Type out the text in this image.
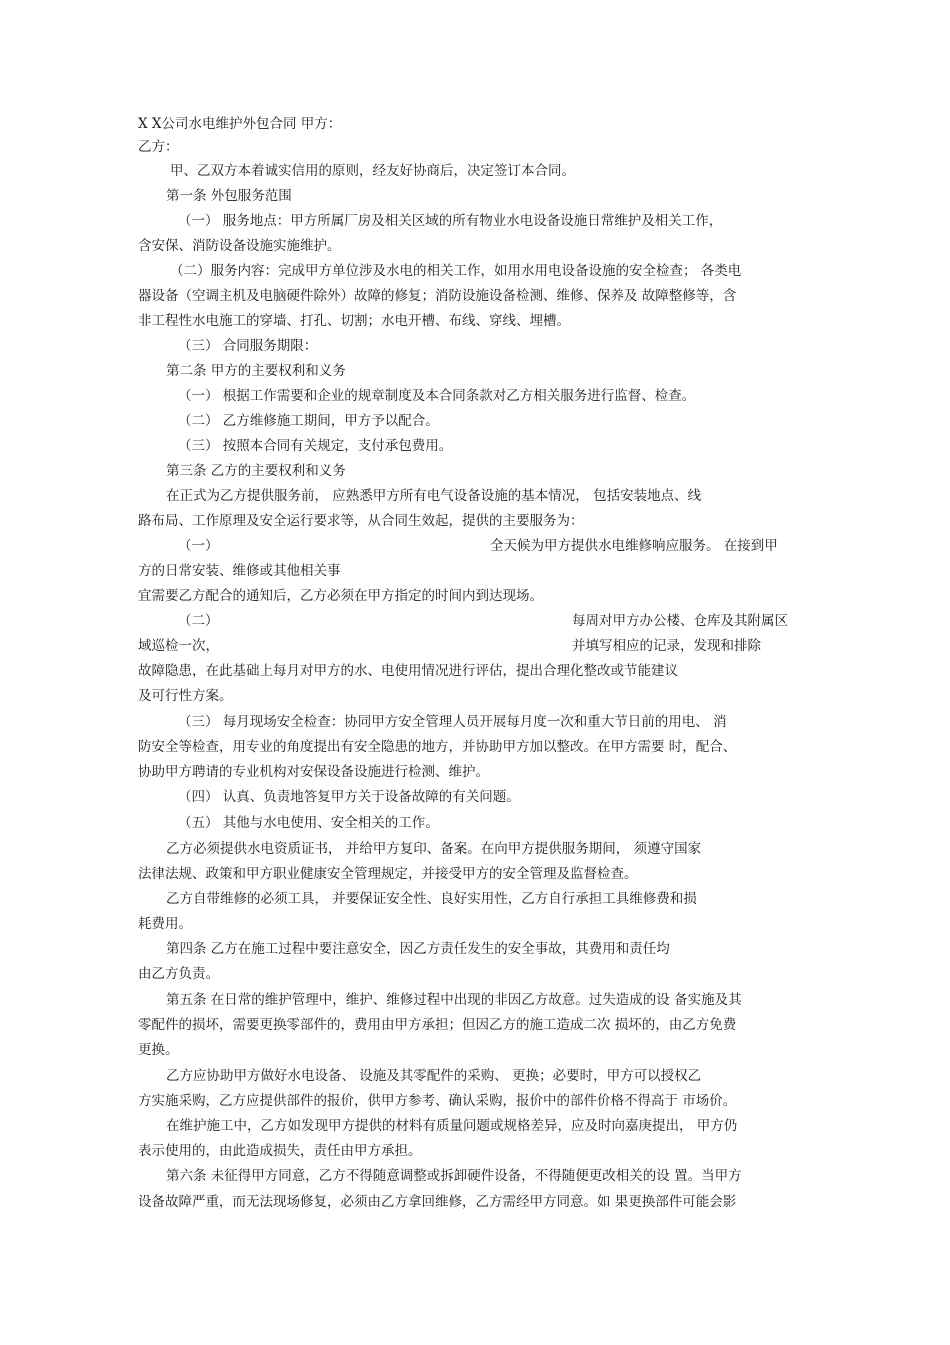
X X公司水电维护外包合同 甲方：
乙方：
甲、乙双方本着诚实信用的原则，经友好协商后，决定签订本合同。
第一条 外包服务范围
（一） 服务地点：甲方所属厂房及相关区域的所有物业水电设备设施日常维护及相关工作，
含安保、消防设备设施实施维护。
（二）服务内容：完成甲方单位涉及水电的相关工作，如用水用电设备设施的安全检查； 各类电
器设备（空调主机及电脑硬件除外）故障的修复；消防设施设备检测、维修、保养及 故障整修等，含
非工程性水电施工的穿墙、打孔、切割；水电开槽、布线、穿线、埋槽。
（三） 合同服务期限：
第二条 甲方的主要权利和义务
（一） 根据工作需要和企业的规章制度及本合同条款对乙方相关服务进行监督、检查。
（二） 乙方维修施工期间，甲方予以配合。
（三） 按照本合同有关规定，支付承包费用。
第三条 乙方的主要权利和义务
在正式为乙方提供服务前， 应熟悉甲方所有电气设备设施的基本情况， 包括安装地点、线
路布局、工作原理及安全运行要求等，从合同生效起，提供的主要服务为：
（一）	全天候为甲方提供水电维修响应服务。 在接到甲
方的日常安装、维修或其他相关事
宜需要乙方配合的通知后，乙方必须在甲方指定的时间内到达现场。
（二）	每周对甲方办公楼、仓库及其附属区
域巡检一次，	并填写相应的记录，发现和排除
故障隐患，在此基础上每月对甲方的水、电使用情况进行评估，提出合理化整改或节能建议
及可行性方案。
（三） 每月现场安全检查：协同甲方安全管理人员开展每月度一次和重大节日前的用电、 消
防安全等检查，用专业的角度提出有安全隐患的地方，并协助甲方加以整改。在甲方需要 时，配合、
协助甲方聘请的专业机构对安保设备设施进行检测、维护。
（四） 认真、负责地答复甲方关于设备故障的有关问题。
（五） 其他与水电使用、安全相关的工作。
乙方必须提供水电资质证书， 并给甲方复印、备案。在向甲方提供服务期间， 须遵守国家
法律法规、政策和甲方职业健康安全管理规定，并接受甲方的安全管理及监督检查。
乙方自带维修的必须工具， 并要保证安全性、良好实用性，乙方自行承担工具维修费和损
耗费用。
第四条 乙方在施工过程中要注意安全，因乙方责任发生的安全事故，其费用和责任均
由乙方负责。
第五条 在日常的维护管理中，维护、维修过程中出现的非因乙方故意。过失造成的设 备实施及其
零配件的损坏，需要更换零部件的，费用由甲方承担；但因乙方的施工造成二次 损坏的，由乙方免费
更换。
乙方应协助甲方做好水电设备、 设施及其零配件的采购、 更换；必要时，甲方可以授权乙
方实施采购，乙方应提供部件的报价，供甲方参考、确认采购，报价中的部件价格不得高于 市场价。
在维护施工中，乙方如发现甲方提供的材料有质量问题或规格差异，应及时向嘉庚提出， 甲方仍
表示使用的，由此造成损失，责任由甲方承担。
第六条 未征得甲方同意，乙方不得随意调整或拆卸硬件设备，不得随便更改相关的设 置。当甲方
设备故障严重，而无法现场修复，必须由乙方拿回维修，乙方需经甲方同意。如 果更换部件可能会影
